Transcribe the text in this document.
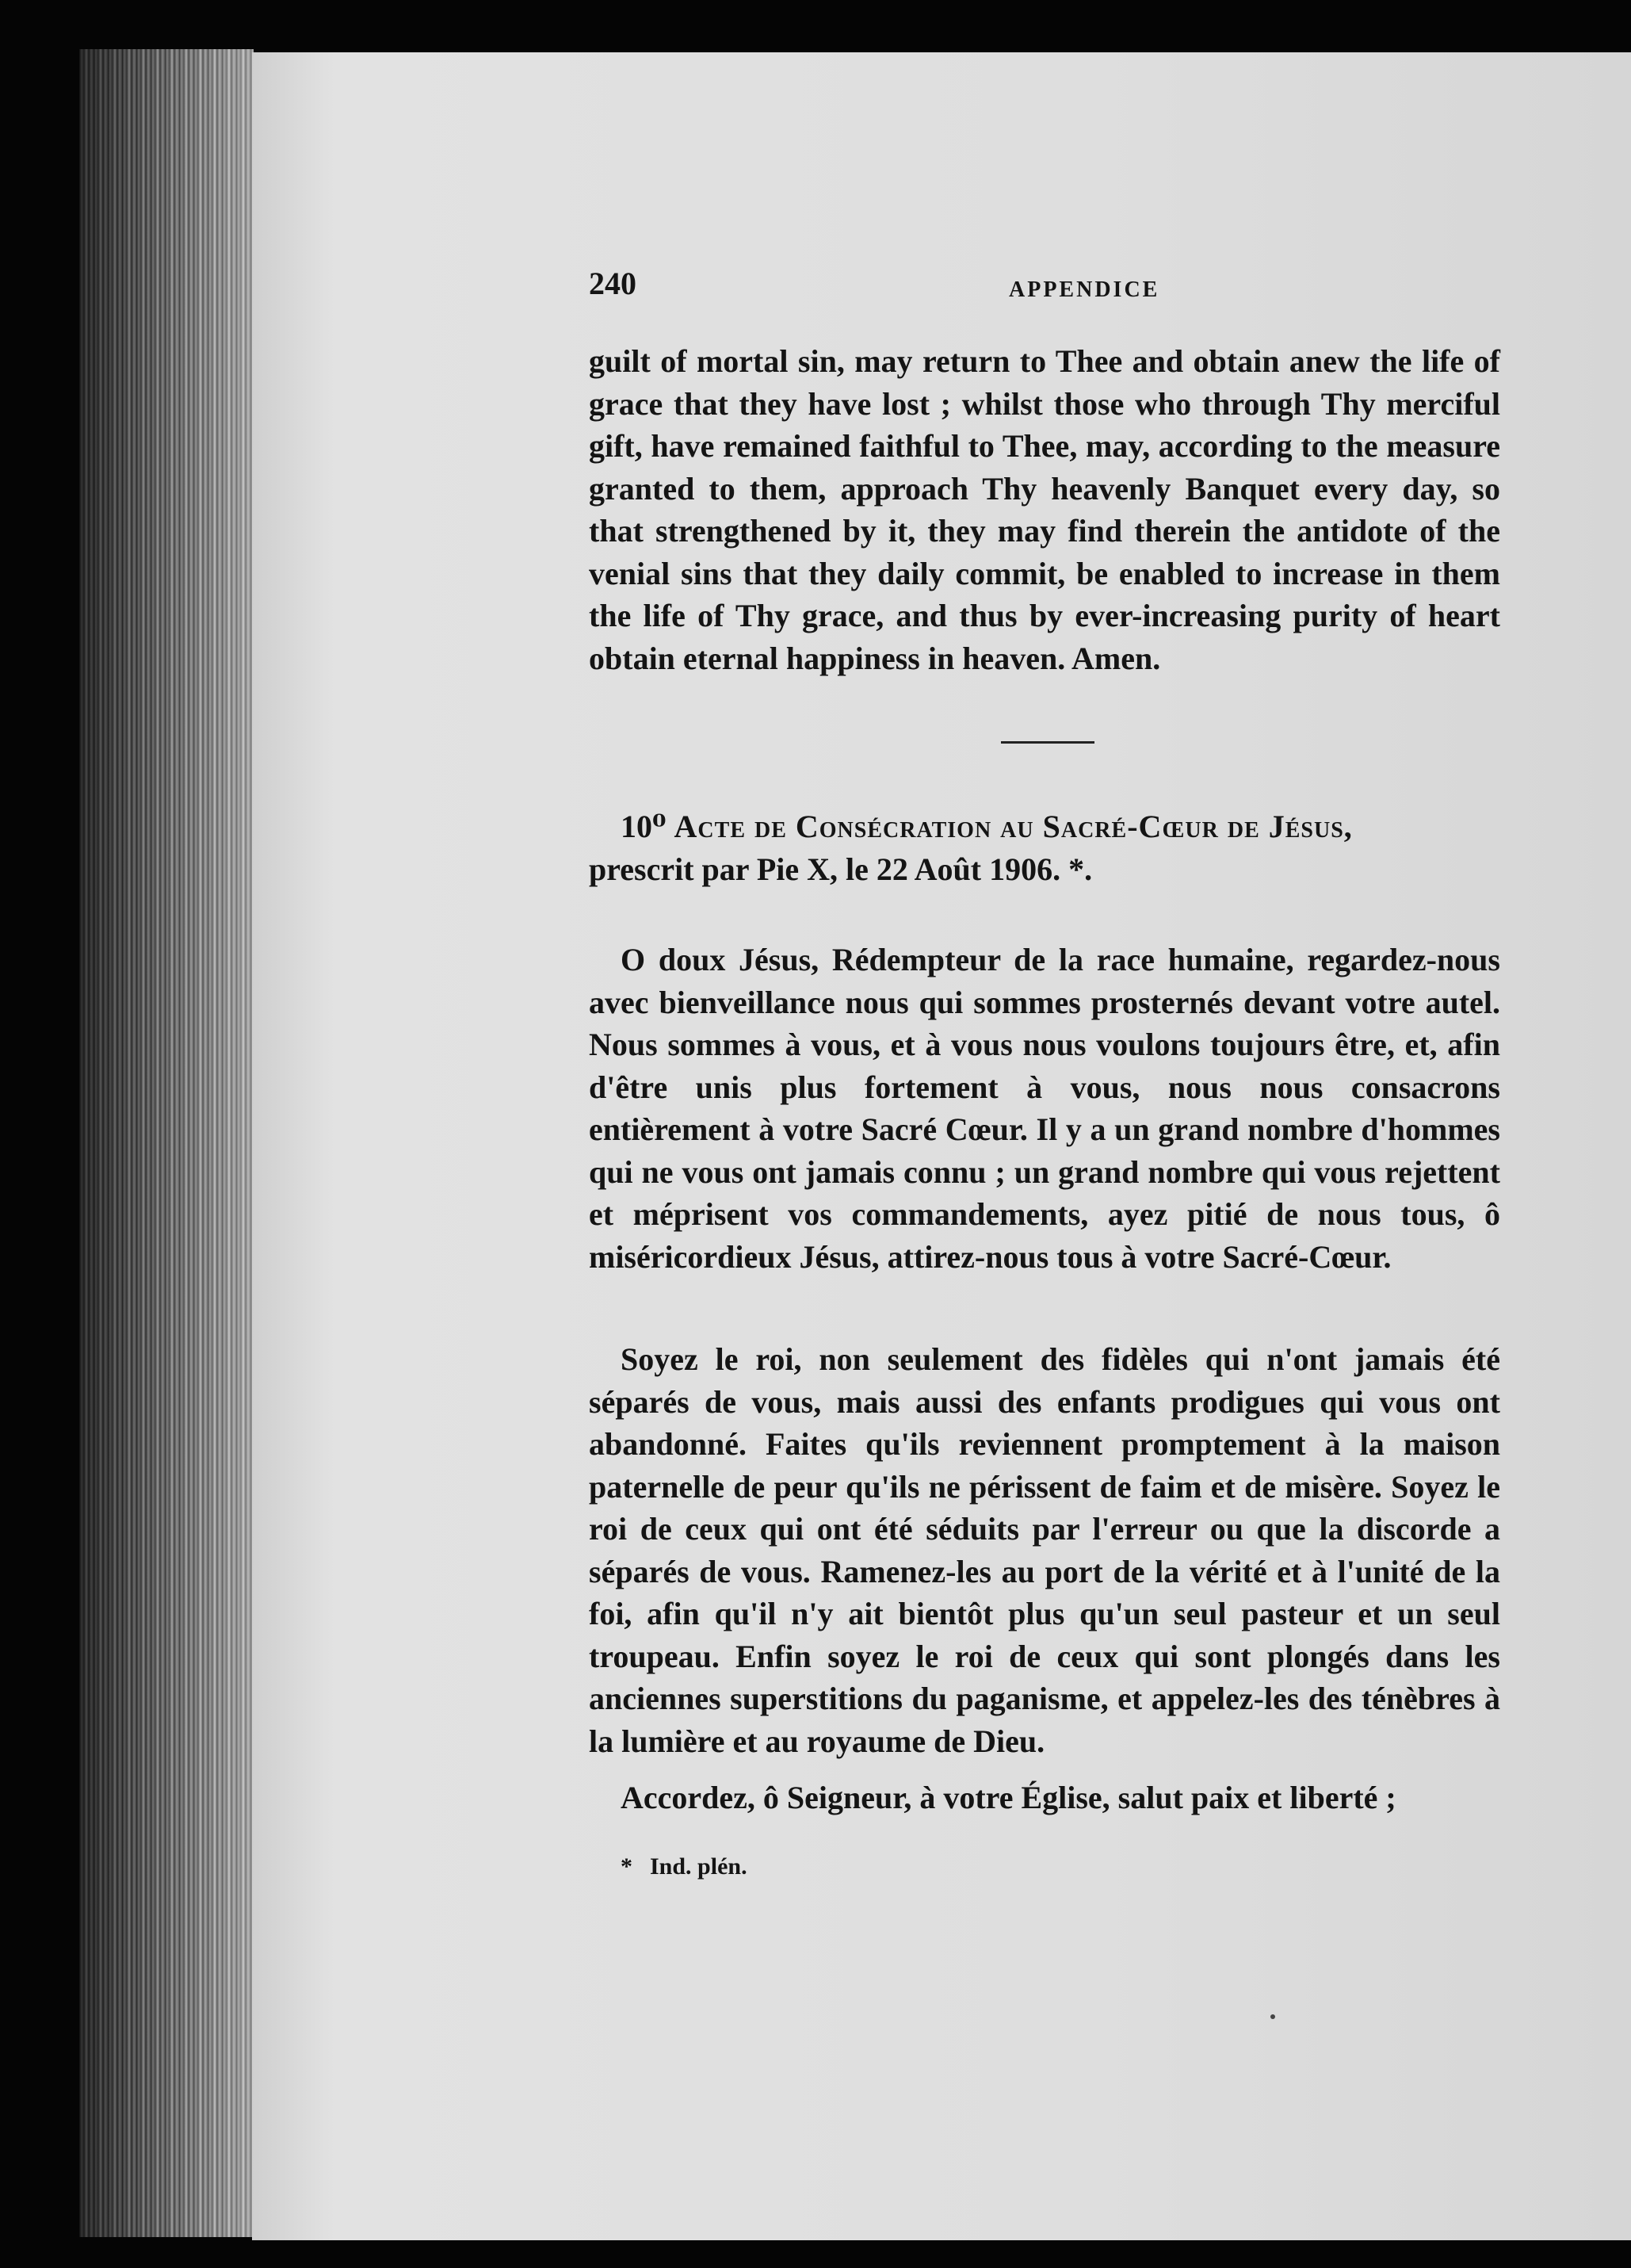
240	APPENDICE

guilt of mortal sin, may return to Thee and obtain anew the life of grace that they have lost ; whilst those who through Thy merciful gift, have remained faithful to Thee, may, according to the measure granted to them, approach Thy heavenly Banquet every day, so that strengthened by it, they may find therein the antidote of the venial sins that they daily commit, be enabled to increase in them the life of Thy grace, and thus by ever-increasing purity of heart obtain eternal happiness in heaven. Amen.

10⁰ Acte de Consécration au Sacré-Cœur de Jésus,
prescrit par Pie X, le 22 Août 1906. *.

O doux Jésus, Rédempteur de la race humaine, regardez-nous avec bienveillance nous qui sommes prosternés devant votre autel. Nous sommes à vous, et à vous nous voulons toujours être, et, afin d'être unis plus fortement à vous, nous nous consacrons entièrement à votre Sacré Cœur. Il y a un grand nombre d'hommes qui ne vous ont jamais connu ; un grand nombre qui vous rejettent et méprisent vos commandements, ayez pitié de nous tous, ô miséricordieux Jésus, attirez-nous tous à votre Sacré-Cœur.

Soyez le roi, non seulement des fidèles qui n'ont jamais été séparés de vous, mais aussi des enfants prodigues qui vous ont abandonné. Faites qu'ils reviennent promptement à la maison paternelle de peur qu'ils ne périssent de faim et de misère. Soyez le roi de ceux qui ont été séduits par l'erreur ou que la discorde a séparés de vous. Ramenez-les au port de la vérité et à l'unité de la foi, afin qu'il n'y ait bientôt plus qu'un seul pasteur et un seul troupeau. Enfin soyez le roi de ceux qui sont plongés dans les anciennes superstitions du paganisme, et appelez-les des ténèbres à la lumière et au royaume de Dieu.

Accordez, ô Seigneur, à votre Église, salut paix et liberté ;

* Ind. plén.
